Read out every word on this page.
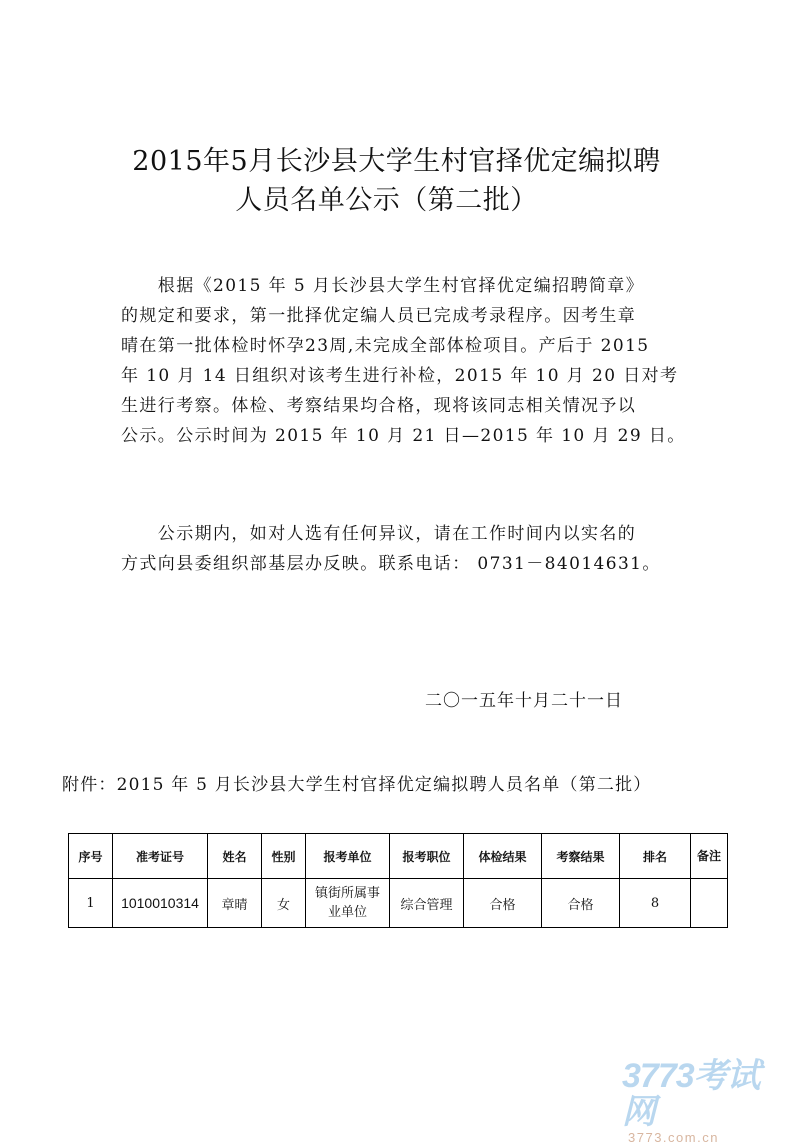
2015年5月长沙县大学生村官择优定编拟聘
人员名单公示（第二批）
　　根据《2015 年 5 月长沙县大学生村官择优定编招聘简章》
的规定和要求，第一批择优定编人员已完成考录程序。因考生章
晴在第一批体检时怀孕23周,未完成全部体检项目。产后于 2015
年 10 月 14 日组织对该考生进行补检，2015 年 10 月 20 日对考
生进行考察。体检、考察结果均合格，现将该同志相关情况予以
公示。公示时间为 2015 年 10 月 21 日—2015 年 10 月 29 日。
　　公示期内，如对人选有任何异议，请在工作时间内以实名的
方式向县委组织部基层办反映。联系电话： 0731－84014631。
二〇一五年十月二十一日
附件：2015 年 5 月长沙县大学生村官择优定编拟聘人员名单（第二批）
序号	准考证号	姓名	性别	报考单位	报考职位	体检结果	考察结果	排名	备注
1	1010010314	章晴	女	镇街所属事
业单位	综合管理	合格	合格	8	
3773考试网
3773.com.cn
